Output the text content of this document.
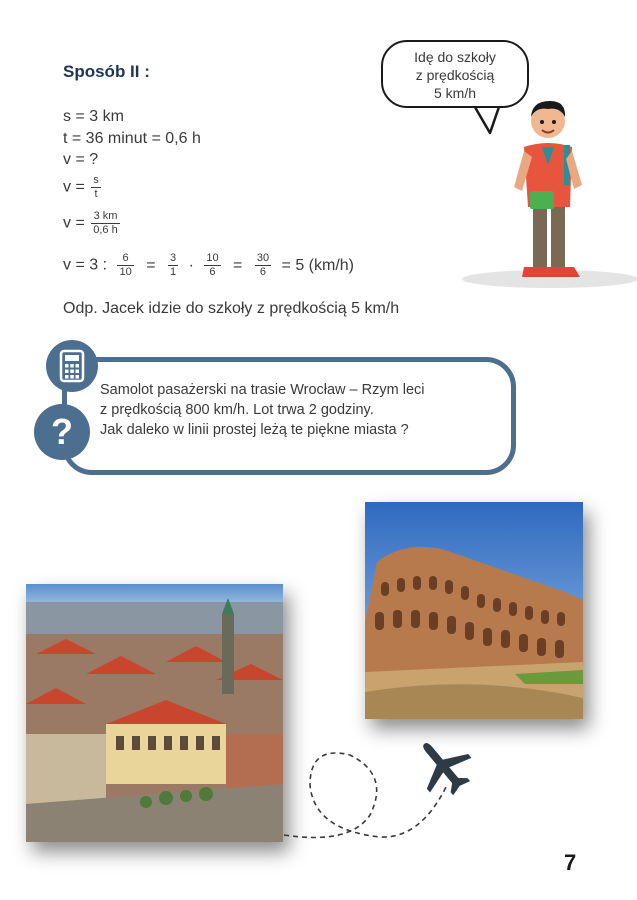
Sposób II :
s = 3 km
t = 36 minut = 0,6 h
v = ?
$v = \frac{s}{t}$
$v = \frac{3 km}{0,6 h}$
v = 3 : $\frac{6}{10} = \frac{3}{1} \cdot \frac{10}{6} = \frac{30}{6} = 5$ (km/h)
Odp. Jacek idzie do szkoły z prędkością 5 km/h
Idę do szkoły
z prędkością
5 km/h
?
Samolot pasażerski na trasie Wrocław – Rzym leci
z prędkością 800 km/h. Lot trwa 2 godziny.
Jak daleko w linii prostej leżą te piękne miasta ?
7
